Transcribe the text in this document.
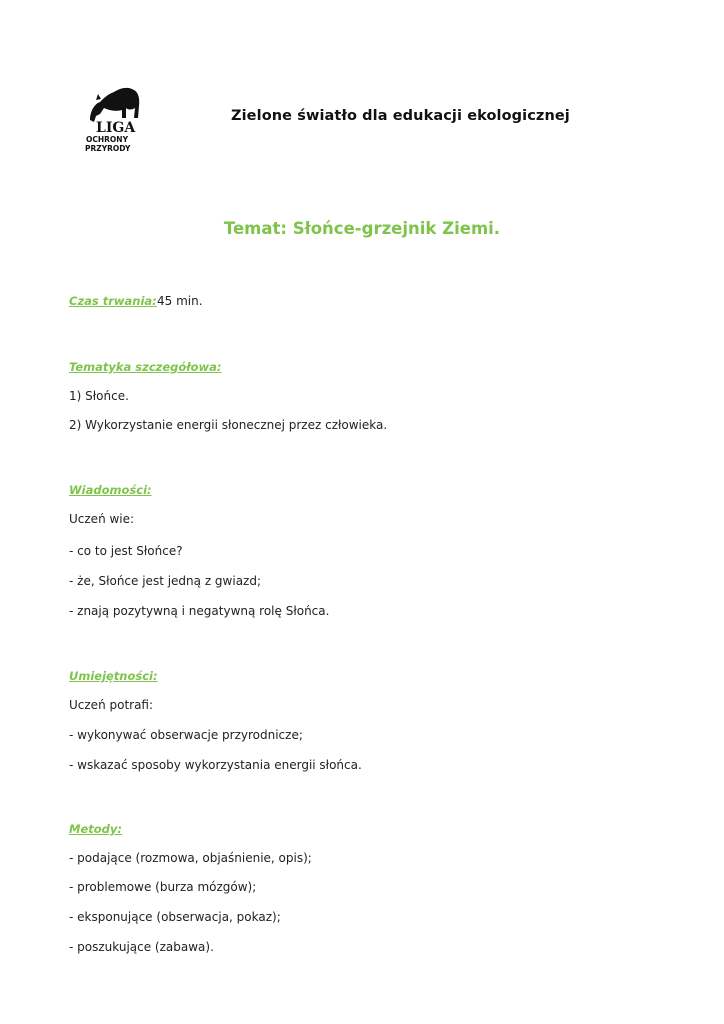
LIGA
OCHRONY
PRZYRODY
Zielone światło dla edukacji ekologicznej
Temat: Słońce-grzejnik Ziemi.
Czas trwania: 45 min.
Tematyka szczegółowa:
1) Słońce.
2) Wykorzystanie energii słonecznej przez człowieka.
Wiadomości:
Uczeń wie:
- co to jest Słońce?
- że, Słońce jest jedną z gwiazd;
- znają pozytywną i negatywną rolę Słońca.
Umiejętności:
Uczeń potrafi:
- wykonywać obserwacje przyrodnicze;
- wskazać sposoby wykorzystania energii słońca.
Metody:
- podające (rozmowa, objaśnienie, opis);
- problemowe (burza mózgów);
- eksponujące (obserwacja, pokaz);
- poszukujące (zabawa).
